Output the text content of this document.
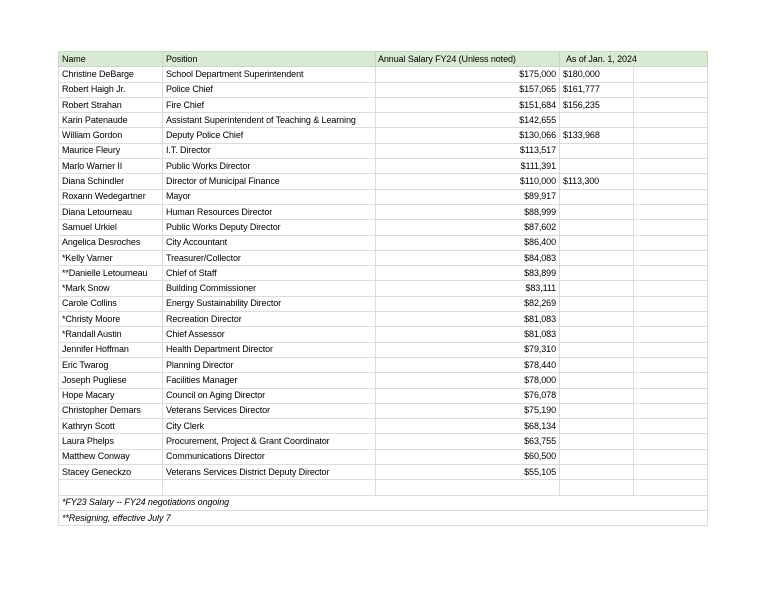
Name	Position	Annual Salary FY24 (Unless noted)	As of Jan. 1, 2024	
Christine DeBarge	School Department Superintendent	$175,000	$180,000	
Robert Haigh Jr.	Police Chief	$157,065	$161,777	
Robert Strahan	Fire Chief	$151,684	$156,235	
Karin Patenaude	Assistant Superintendent of Teaching & Learning	$142,655		
William Gordon	Deputy Police Chief	$130,066	$133,968	
Maurice Fleury	I.T. Director	$113,517		
Marlo Warner II	Public Works Director	$111,391		
Diana Schindler	Director of Municipal Finance	$110,000	$113,300	
Roxann Wedegartner	Mayor	$89,917		
Diana Letourneau	Human Resources Director	$88,999		
Samuel Urkiel	Public Works Deputy Director	$87,602		
Angelica Desroches	City Accountant	$86,400		
*Kelly Varner	Treasurer/Collector	$84,083		
**Danielle Letourneau	Chief of Staff	$83,899		
*Mark Snow	Building Commissioner	$83,111		
Carole Collins	Energy Sustainability Director	$82,269		
*Christy Moore	Recreation Director	$81,083		
*Randall Austin	Chief Assessor	$81,083		
Jennifer Hoffman	Health Department Director	$79,310		
Eric Twarog	Planning Director	$78,440		
Joseph Pugliese	Facilities Manager	$78,000		
Hope Macary	Council on Aging Director	$76,078		
Christopher Demars	Veterans Services Director	$75,190		
Kathryn Scott	City Clerk	$68,134		
Laura Phelps	Procurement, Project & Grant Coordinator	$63,755		
Matthew Conway	Communications Director	$60,500		
Stacey Geneckzo	Veterans Services District Deputy Director	$55,105		

*FY23 Salary -- FY24 negotiations ongoing				
**Resigning, effective July 7				
